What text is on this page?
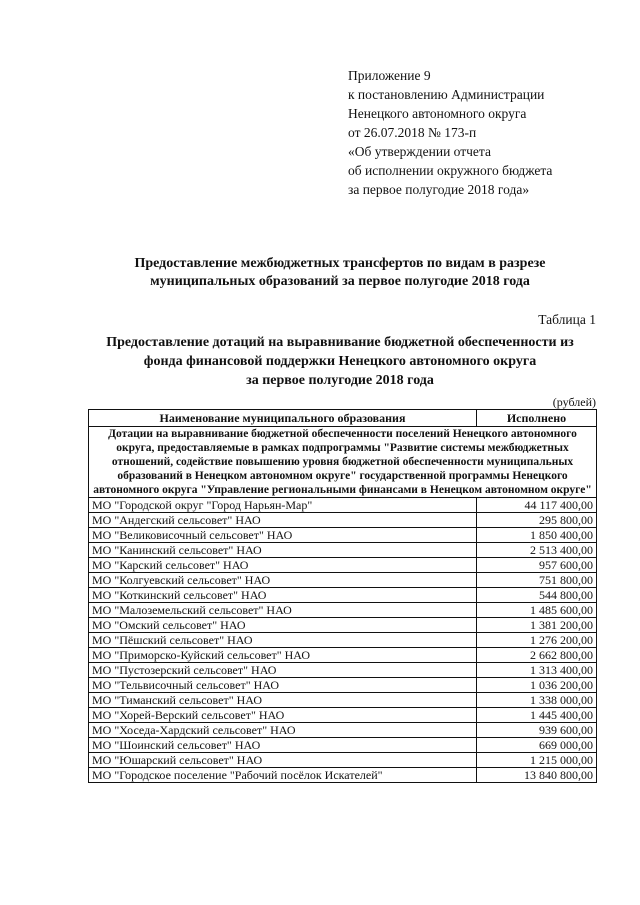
Приложение 9
к постановлению Администрации
Ненецкого автономного округа
от 26.07.2018 № 173-п
«Об утверждении отчета
об исполнении окружного бюджета
за первое полугодие 2018 года»
Предоставление межбюджетных трансфертов по видам в разрезе
муниципальных образований за первое полугодие 2018 года
Таблица 1
Предоставление дотаций на выравнивание бюджетной обеспеченности из
фонда финансовой поддержки Ненецкого автономного округа
за первое полугодие 2018 года
(рублей)
Наименование муниципального образования	Исполнено
Дотации на выравнивание бюджетной обеспеченности поселений Ненецкого автономного округа, предоставляемые в рамках подпрограммы "Развитие системы межбюджетных отношений, содействие повышению уровня бюджетной обеспеченности муниципальных образований в Ненецком автономном округе" государственной программы Ненецкого автономного округа "Управление региональными финансами в Ненецком автономном округе"	
МО "Городской округ "Город Нарьян-Мар"	44 117 400,00
МО "Андегский сельсовет" НАО	295 800,00
МО "Великовисочный сельсовет" НАО	1 850 400,00
МО "Канинский сельсовет" НАО	2 513 400,00
МО "Карский сельсовет" НАО	957 600,00
МО "Колгуевский сельсовет" НАО	751 800,00
МО "Коткинский сельсовет" НАО	544 800,00
МО "Малоземельский сельсовет" НАО	1 485 600,00
МО "Омский сельсовет" НАО	1 381 200,00
МО "Пёшский сельсовет" НАО	1 276 200,00
МО "Приморско-Куйский сельсовет" НАО	2 662 800,00
МО "Пустозерский сельсовет" НАО	1 313 400,00
МО "Тельвисочный сельсовет" НАО	1 036 200,00
МО "Тиманский сельсовет" НАО	1 338 000,00
МО "Хорей-Верский сельсовет" НАО	1 445 400,00
МО "Хоседа-Хардский сельсовет" НАО	939 600,00
МО "Шоинский сельсовет" НАО	669 000,00
МО "Юшарский сельсовет" НАО	1 215 000,00
МО "Городское поселение "Рабочий посёлок Искателей"	13 840 800,00
